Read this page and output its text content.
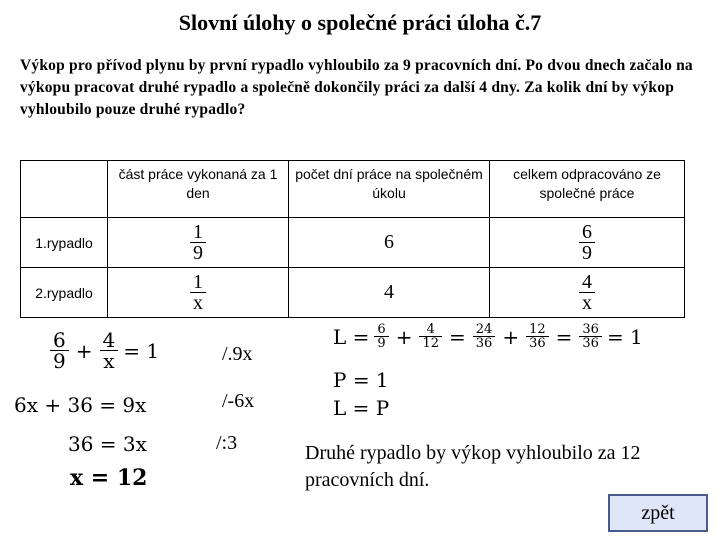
Slovní úlohy o společné práci úloha č.7
Výkop pro přívod plynu by první rypadlo vyhloubilo za 9 pracovních dní. Po dvou dnech začalo na výkopu pracovat druhé rypadlo a společně dokončily práci za další 4 dny. Za kolik dní by výkop vyhloubilo pouze druhé rypadlo?
	část práce vykonaná za 1 den	počet dní práce na společném úkolu	celkem odpracováno ze společné práce
1.rypadlo	$\frac{1}{9}$	6	$\frac{6}{9}$

2.rypadlo	$\frac{1}{x}$	4	$\frac{4}{x}$
$\frac{6}{9} + \frac{4}{x} = 1$
6x + 36 = 9x
36 = 3x
x = 12
/.9x
/-6x
/:3
$L = \frac{6}{9} + \frac{4}{12} = \frac{24}{36} + \frac{12}{36} = \frac{36}{36} = 1$
P = 1
L = P
Druhé rypadlo by výkop vyhloubilo za 12 pracovních dní.
zpět
